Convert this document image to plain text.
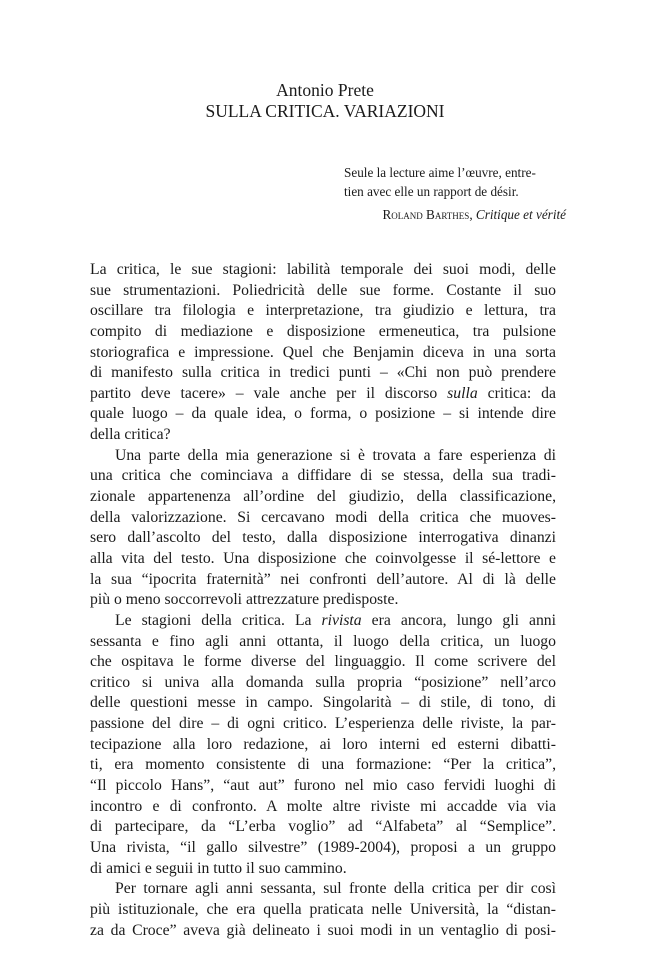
Antonio Prete
SULLA CRITICA. VARIAZIONI
Seule la lecture aime l’œuvre, entre-
tien avec elle un rapport de désir.
Roland Barthes, Critique et vérité
La critica, le sue stagioni: labilità temporale dei suoi modi, delle
sue strumentazioni. Poliedricità delle sue forme. Costante il suo
oscillare tra filologia e interpretazione, tra giudizio e lettura, tra
compito di mediazione e disposizione ermeneutica, tra pulsione
storiografica e impressione. Quel che Benjamin diceva in una sorta
di manifesto sulla critica in tredici punti – «Chi non può prendere
partito deve tacere» – vale anche per il discorso sulla critica: da
quale luogo – da quale idea, o forma, o posizione – si intende dire
della critica?
Una parte della mia generazione si è trovata a fare esperienza di
una critica che cominciava a diffidare di se stessa, della sua tradi-
zionale appartenenza all’ordine del giudizio, della classificazione,
della valorizzazione. Si cercavano modi della critica che muoves-
sero dall’ascolto del testo, dalla disposizione interrogativa dinanzi
alla vita del testo. Una disposizione che coinvolgesse il sé-lettore e
la sua “ipocrita fraternità” nei confronti dell’autore. Al di là delle
più o meno soccorrevoli attrezzature predisposte.
Le stagioni della critica. La rivista era ancora, lungo gli anni
sessanta e fino agli anni ottanta, il luogo della critica, un luogo
che ospitava le forme diverse del linguaggio. Il come scrivere del
critico si univa alla domanda sulla propria “posizione” nell’arco
delle questioni messe in campo. Singolarità – di stile, di tono, di
passione del dire – di ogni critico. L’esperienza delle riviste, la par-
tecipazione alla loro redazione, ai loro interni ed esterni dibatti-
ti, era momento consistente di una formazione: “Per la critica”,
“Il piccolo Hans”, “aut aut” furono nel mio caso fervidi luoghi di
incontro e di confronto. A molte altre riviste mi accadde via via
di partecipare, da “L’erba voglio” ad “Alfabeta” al “Semplice”.
Una rivista, “il gallo silvestre” (1989-2004), proposi a un gruppo
di amici e seguii in tutto il suo cammino.
Per tornare agli anni sessanta, sul fronte della critica per dir così
più istituzionale, che era quella praticata nelle Università, la “distan-
za da Croce” aveva già delineato i suoi modi in un ventaglio di posi-
